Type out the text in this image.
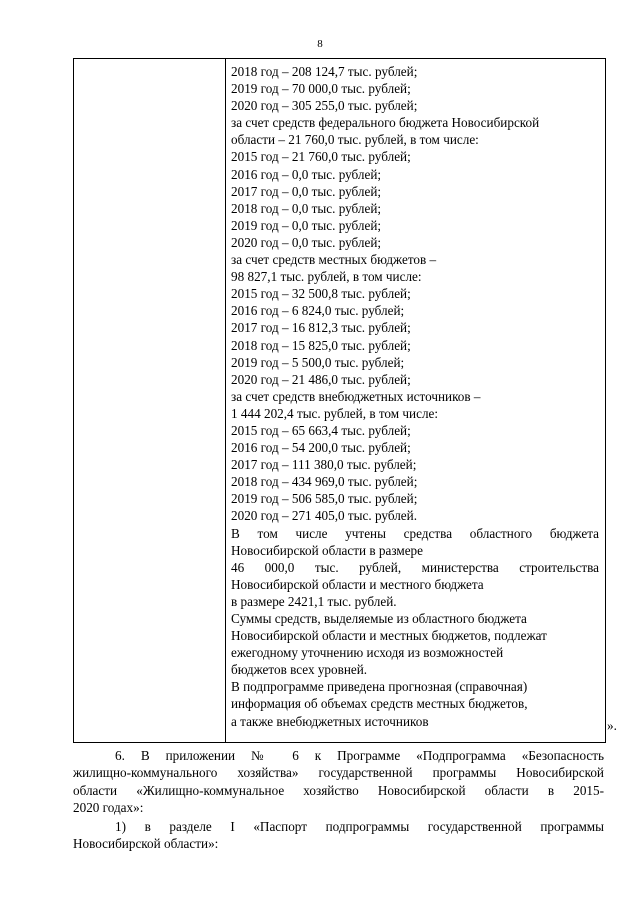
8
2018 год – 208 124,7 тыс. рублей;
2019 год – 70 000,0 тыс. рублей;
2020 год – 305 255,0 тыс. рублей;
за счет средств федерального бюджета Новосибирской
области – 21 760,0 тыс. рублей, в том числе:
2015 год – 21 760,0 тыс. рублей;
2016 год – 0,0 тыс. рублей;
2017 год – 0,0 тыс. рублей;
2018 год – 0,0 тыс. рублей;
2019 год – 0,0 тыс. рублей;
2020 год – 0,0 тыс. рублей;
за счет средств местных бюджетов –
98 827,1 тыс. рублей, в том числе:
2015 год – 32 500,8 тыс. рублей;
2016 год – 6 824,0 тыс. рублей;
2017 год – 16 812,3 тыс. рублей;
2018 год – 15 825,0 тыс. рублей;
2019 год – 5 500,0 тыс. рублей;
2020 год – 21 486,0 тыс. рублей;
за счет средств внебюджетных источников –
1 444 202,4 тыс. рублей, в том числе:
2015 год – 65 663,4 тыс. рублей;
2016 год – 54 200,0 тыс. рублей;
2017 год – 111 380,0 тыс. рублей;
2018 год – 434 969,0 тыс. рублей;
2019 год – 506 585,0 тыс. рублей;
2020 год – 271 405,0 тыс. рублей.
В том числе учтены средства областного бюджета
Новосибирской области в размере
46 000,0 тыс. рублей, министерства строительства
Новосибирской области и местного бюджета
в размере 2421,1 тыс. рублей.
Суммы средств, выделяемые из областного бюджета
Новосибирской области и местных бюджетов, подлежат
ежегодному уточнению исходя из возможностей
бюджетов всех уровней.
В подпрограмме приведена прогнозная (справочная)
информация об объемах средств местных бюджетов,
а также внебюджетных источников	».
6. В приложении № 6 к Программе «Подпрограмма «Безопасность
жилищно-коммунального хозяйства» государственной программы Новосибирской
области «Жилищно-коммунальное хозяйство Новосибирской области в 2015-
2020 годах»:
1) в разделе I «Паспорт подпрограммы государственной программы
Новосибирской области»:
